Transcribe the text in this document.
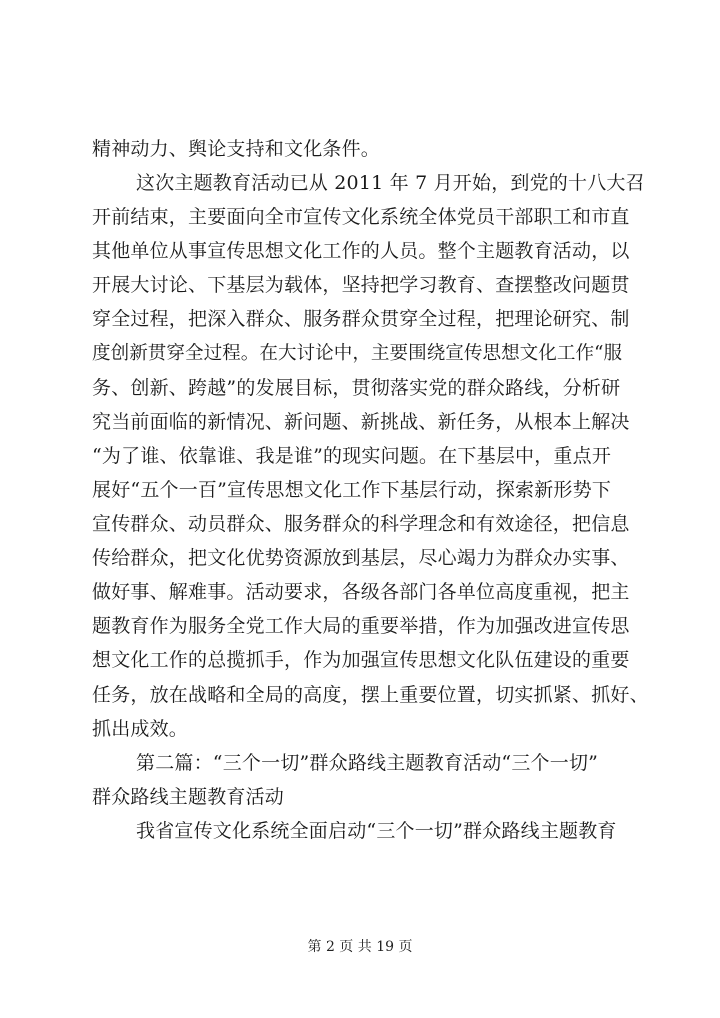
精神动力、舆论支持和文化条件。
这次主题教育活动已从 2011 年 7 月开始，到党的十八大召
开前结束，主要面向全市宣传文化系统全体党员干部职工和市直
其他单位从事宣传思想文化工作的人员。整个主题教育活动，以
开展大讨论、下基层为载体，坚持把学习教育、查摆整改问题贯
穿全过程，把深入群众、服务群众贯穿全过程，把理论研究、制
度创新贯穿全过程。在大讨论中，主要围绕宣传思想文化工作“服
务、创新、跨越”的发展目标，贯彻落实党的群众路线，分析研
究当前面临的新情况、新问题、新挑战、新任务，从根本上解决
“为了谁、依靠谁、我是谁”的现实问题。在下基层中，重点开
展好“五个一百”宣传思想文化工作下基层行动，探索新形势下
宣传群众、动员群众、服务群众的科学理念和有效途径，把信息
传给群众，把文化优势资源放到基层，尽心竭力为群众办实事、
做好事、解难事。活动要求，各级各部门各单位高度重视，把主
题教育作为服务全党工作大局的重要举措，作为加强改进宣传思
想文化工作的总揽抓手，作为加强宣传思想文化队伍建设的重要
任务，放在战略和全局的高度，摆上重要位置，切实抓紧、抓好、
抓出成效。
第二篇：“三个一切”群众路线主题教育活动“三个一切”
群众路线主题教育活动
我省宣传文化系统全面启动“三个一切”群众路线主题教育
第 2 页 共 19 页
